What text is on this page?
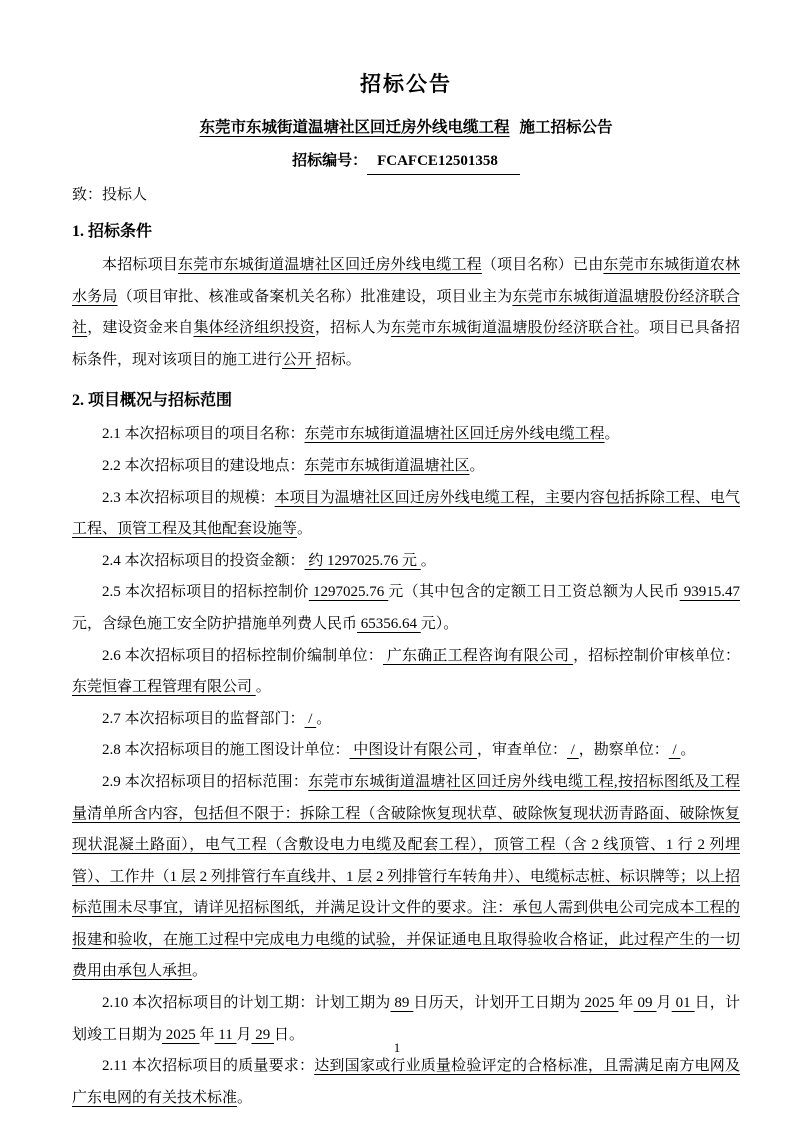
招标公告
东莞市东城街道温塘社区回迁房外线电缆工程 施工招标公告
招标编号： FCAFCE12501358
致：投标人
1. 招标条件

本招标项目东莞市东城街道温塘社区回迁房外线电缆工程（项目名称）已由东莞市东城街道农林水务局（项目审批、核准或备案机关名称）批准建设，项目业主为东莞市东城街道温塘股份经济联合社，建设资金来自集体经济组织投资，招标人为东莞市东城街道温塘股份经济联合社。项目已具备招标条件，现对该项目的施工进行公开 招标。

2. 项目概况与招标范围

2.1 本次招标项目的项目名称：东莞市东城街道温塘社区回迁房外线电缆工程。

2.2 本次招标项目的建设地点：东莞市东城街道温塘社区。

2.3 本次招标项目的规模：本项目为温塘社区回迁房外线电缆工程，主要内容包括拆除工程、电气工程、顶管工程及其他配套设施等。

2.4 本次招标项目的投资金额： 约 1297025.76 元 。

2.5 本次招标项目的招标控制价 1297025.76 元（其中包含的定额工日工资总额为人民币 93915.47 元，含绿色施工安全防护措施单列费人民币 65356.64 元）。

2.6 本次招标项目的招标控制价编制单位： 广东确正工程咨询有限公司 ，招标控制价审核单位： 东莞恒睿工程管理有限公司 。

2.7 本次招标项目的监督部门： / 。

2.8 本次招标项目的施工图设计单位： 中图设计有限公司 ，审查单位： / ，勘察单位： / 。

2.9 本次招标项目的招标范围：东莞市东城街道温塘社区回迁房外线电缆工程,按招标图纸及工程量清单所含内容，包括但不限于：拆除工程（含破除恢复现状草、破除恢复现状沥青路面、破除恢复现状混凝土路面），电气工程（含敷设电力电缆及配套工程），顶管工程（含 2 线顶管、1 行 2 列埋管）、工作井（1 层 2 列排管行车直线井、1 层 2 列排管行车转角井）、电缆标志桩、标识牌等；以上招标范围未尽事宜，请详见招标图纸，并满足设计文件的要求。注：承包人需到供电公司完成本工程的报建和验收，在施工过程中完成电力电缆的试验，并保证通电且取得验收合格证，此过程产生的一切费用由承包人承担。

2.10 本次招标项目的计划工期：计划工期为 89 日历天，计划开工日期为 2025 年 09 月 01 日，计划竣工日期为 2025 年 11 月 29 日。

2.11 本次招标项目的质量要求：达到国家或行业质量检验评定的合格标准，且需满足南方电网及广东电网的有关技术标准。

1
